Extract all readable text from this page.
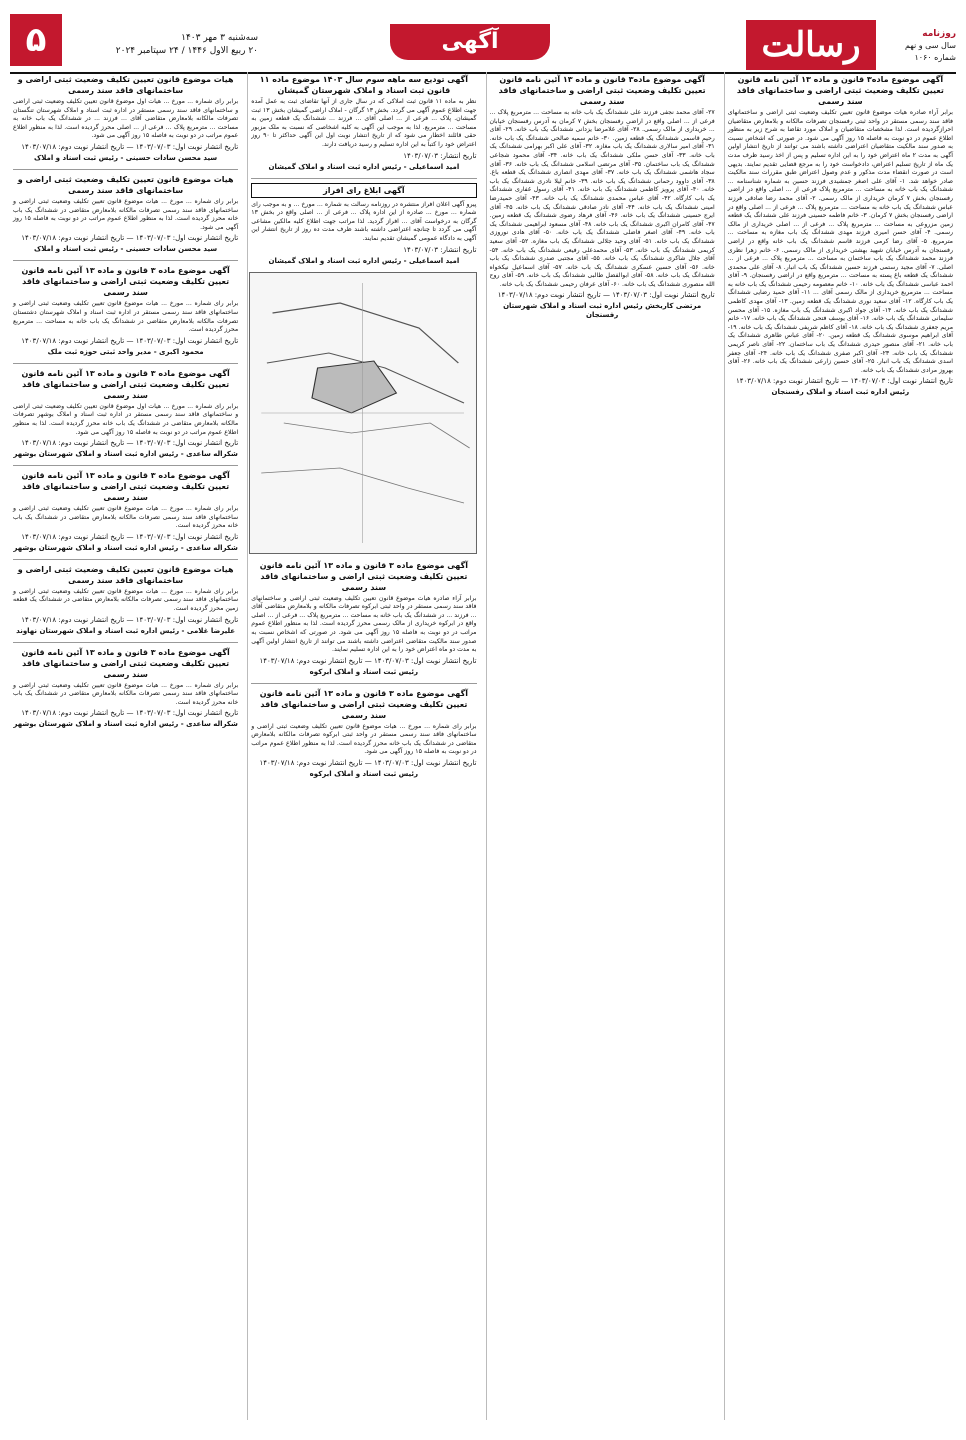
روزنامه
سال سی و نهم
شماره ۱۰۶۰
رسالت
آگهی
سه‌شنبه ۳ مهر ۱۴۰۳
۲۰ ربیع الاول ۱۴۴۶ / ۲۴ سپتامبر ۲۰۲۴
۵
آگهی موضوع ماده۳ قانون و ماده ۱۳ آئین نامه قانون تعیین تکلیف وضعیت ثبتی اراضی و ساختمانهای فاقد سند رسمی

برابر آراء صادره هیات موضوع قانون تعیین تکلیف وضعیت ثبتی اراضی و ساختمانهای فاقد سند رسمی مستقر در واحد ثبتی رفسنجان تصرفات مالکانه و بلامعارض متقاضیان احرازگردیده است. لذا مشخصات متقاضیان و املاک مورد تقاضا به شرح زیر به منظور اطلاع عموم در دو نوبت به فاصله ۱۵ روز آگهی می شود. در صورتی که اشخاص نسبت به صدور سند مالکیت متقاضیان اعتراضی داشته باشند می توانند از تاریخ انتشار اولین آگهی به مدت ۲ ماه اعتراض خود را به این اداره تسلیم و پس از اخذ رسید ظرف مدت یک ماه از تاریخ تسلیم اعتراض، دادخواست خود را به مرجع قضایی تقدیم نمایند. بدیهی است در صورت انقضاء مدت مذکور و عدم وصول اعتراض طبق مقررات سند مالکیت صادر خواهد شد. ۱- آقای علی اصغر جمشیدی فرزند حسین به شماره شناسنامه ... ششدانگ یک باب خانه به مساحت ... مترمربع پلاک فرعی از ... اصلی واقع در اراضی رفسنجان بخش ۷ کرمان خریداری از مالک رسمی. ۲- آقای محمد رضا صادقی فرزند عباس ششدانگ یک باب خانه به مساحت ... مترمربع پلاک ... فرعی از ... اصلی واقع در اراضی رفسنجان بخش ۷ کرمان. ۳- خانم فاطمه حسینی فرزند علی ششدانگ یک قطعه زمین مزروعی به مساحت ... مترمربع پلاک ... فرعی از ... اصلی خریداری از مالک رسمی. ۴- آقای حسن امیری فرزند مهدی ششدانگ یک باب مغازه به مساحت ... مترمربع. ۵- آقای رضا کرمی فرزند قاسم ششدانگ یک باب خانه واقع در اراضی رفسنجان به آدرس خیابان شهید بهشتی خریداری از مالک رسمی. ۶- خانم زهرا نظری فرزند محمد ششدانگ یک باب ساختمان به مساحت ... مترمربع پلاک ... فرعی از ... اصلی. ۷- آقای مجید رستمی فرزند حسین ششدانگ یک باب انبار. ۸- آقای علی محمدی ششدانگ یک قطعه باغ پسته به مساحت ... مترمربع واقع در اراضی رفسنجان. ۹- آقای احمد عباسی ششدانگ یک باب خانه. ۱۰- خانم معصومه رحیمی ششدانگ یک باب خانه به مساحت ... مترمربع خریداری از مالک رسمی آقای ... ۱۱- آقای حمید رضایی ششدانگ یک باب کارگاه. ۱۲- آقای سعید نوری ششدانگ یک قطعه زمین. ۱۳- آقای مهدی کاظمی ششدانگ یک باب خانه. ۱۴- آقای جواد اکبری ششدانگ یک باب مغازه. ۱۵- آقای محسن سلیمانی ششدانگ یک باب خانه. ۱۶- آقای یوسف فتحی ششدانگ یک باب خانه. ۱۷- خانم مریم جعفری ششدانگ یک باب خانه. ۱۸- آقای کاظم شریفی ششدانگ یک باب خانه. ۱۹- آقای ابراهیم موسوی ششدانگ یک قطعه زمین. ۲۰- آقای عباس طاهری ششدانگ یک باب خانه. ۲۱- آقای منصور حیدری ششدانگ یک باب ساختمان. ۲۲- آقای ناصر کریمی ششدانگ یک باب خانه. ۲۳- آقای اکبر صفری ششدانگ یک باب خانه. ۲۴- آقای جعفر اسدی ششدانگ یک باب انبار. ۲۵- آقای حسین زارعی ششدانگ یک باب خانه. ۲۶- آقای بهروز مرادی ششدانگ یک باب خانه.

تاریخ انتشار نوبت اول: ۱۴۰۳/۰۷/۰۳ — تاریخ انتشار نوبت دوم: ۱۴۰۳/۰۷/۱۸
رئیس اداره ثبت اسناد و املاک رفسنجان
آگهی موضوع ماده۳ قانون و ماده ۱۳ آئین نامه قانون تعیین تکلیف وضعیت ثبتی اراضی و ساختمانهای فاقد سند رسمی

۲۷- آقای محمد نجفی فرزند علی ششدانگ یک باب خانه به مساحت ... مترمربع پلاک ... فرعی از ... اصلی واقع در اراضی رفسنجان بخش ۷ کرمان به آدرس رفسنجان خیابان ... خریداری از مالک رسمی. ۲۸- آقای غلامرضا یزدانی ششدانگ یک باب خانه. ۲۹- آقای رحیم قاسمی ششدانگ یک قطعه زمین. ۳۰- خانم سمیه صالحی ششدانگ یک باب خانه. ۳۱- آقای امیر سالاری ششدانگ یک باب مغازه. ۳۲- آقای علی اکبر بهرامی ششدانگ یک باب خانه. ۳۳- آقای حسن ملکی ششدانگ یک باب خانه. ۳۴- آقای محمود شجاعی ششدانگ یک باب ساختمان. ۳۵- آقای مرتضی اسلامی ششدانگ یک باب خانه. ۳۶- آقای سجاد هاشمی ششدانگ یک باب خانه. ۳۷- آقای مهدی انصاری ششدانگ یک قطعه باغ. ۳۸- آقای داوود رحمانی ششدانگ یک باب خانه. ۳۹- خانم لیلا نادری ششدانگ یک باب خانه. ۴۰- آقای پرویز کاظمی ششدانگ یک باب خانه. ۴۱- آقای رسول غفاری ششدانگ یک باب کارگاه. ۴۲- آقای عباس محمدی ششدانگ یک باب خانه. ۴۳- آقای حمیدرضا امینی ششدانگ یک باب خانه. ۴۴- آقای نادر صادقی ششدانگ یک باب خانه. ۴۵- آقای ایرج حسینی ششدانگ یک باب خانه. ۴۶- آقای فرهاد رضوی ششدانگ یک قطعه زمین. ۴۷- آقای کامران اکبری ششدانگ یک باب خانه. ۴۸- آقای مسعود ابراهیمی ششدانگ یک باب خانه. ۴۹- آقای اصغر فاضلی ششدانگ یک باب خانه. ۵۰- آقای هادی نوروزی ششدانگ یک باب خانه. ۵۱- آقای وحید جلالی ششدانگ یک باب مغازه. ۵۲- آقای سعید کریمی ششدانگ یک باب خانه. ۵۳- آقای محمدعلی رفیعی ششدانگ یک باب خانه. ۵۴- آقای جلال شاکری ششدانگ یک باب خانه. ۵۵- آقای مجتبی صدری ششدانگ یک باب خانه. ۵۶- آقای حسین عسکری ششدانگ یک باب خانه. ۵۷- آقای اسماعیل نیکخواه ششدانگ یک باب خانه. ۵۸- آقای ابوالفضل طالبی ششدانگ یک باب خانه. ۵۹- آقای روح الله منصوری ششدانگ یک باب خانه. ۶۰- آقای عرفان رحیمی ششدانگ یک باب خانه.

تاریخ انتشار نوبت اول: ۱۴۰۳/۰۷/۰۳ — تاریخ انتشار نوبت دوم: ۱۴۰۳/۰۷/۱۸
مرتضی کاربخش رئیس اداره ثبت اسناد و املاک شهرستان رفسنجان
آگهی تودیع سه ماهه سوم سال ۱۴۰۳ موضوع ماده ۱۱ قانون ثبت اسناد و املاک شهرستان گمیشان

نظر به ماده ۱۱ قانون ثبت املاکی که در سال جاری از آنها تقاضای ثبت به عمل آمده جهت اطلاع عموم آگهی می گردد. بخش ۱۳ گرگان - املاک اراضی گمیشان بخش ۱۳ ثبت گمیشان. پلاک ... فرعی از ... اصلی آقای ... فرزند ... ششدانگ یک قطعه زمین به مساحت ... مترمربع. لذا به موجب این آگهی به کلیه اشخاصی که نسبت به ملک مزبور حقی قائلند اخطار می شود که از تاریخ انتشار نوبت اول این آگهی حداکثر تا ۹۰ روز اعتراض خود را کتباً به این اداره تسلیم و رسید دریافت دارند.

تاریخ انتشار: ۱۴۰۳/۰۷/۰۳
امید اسماعیلی - رئیس اداره ثبت اسناد و املاک گمیشان
آگهی ابلاغ رای افراز

پیرو آگهی اعلان افراز منتشره در روزنامه رسالت به شماره ... مورخ ... و به موجب رای شماره ... مورخ ... صادره از این اداره پلاک ... فرعی از ... اصلی واقع در بخش ۱۳ گرگان به درخواست آقای ... افراز گردید. لذا مراتب جهت اطلاع کلیه مالکین مشاعی آگهی می گردد تا چنانچه اعتراضی داشته باشند ظرف مدت ده روز از تاریخ انتشار این آگهی به دادگاه عمومی گمیشان تقدیم نمایند.

تاریخ انتشار: ۱۴۰۳/۰۷/۰۳
امید اسماعیلی - رئیس اداره ثبت اسناد و املاک گمیشان
آگهی موضوع ماده ۳ قانون و ماده ۱۳ آئین نامه قانون تعیین تکلیف وضعیت ثبتی اراضی و ساختمانهای فاقد سند رسمی

برابر آراء صادره هیات موضوع قانون تعیین تکلیف وضعیت ثبتی اراضی و ساختمانهای فاقد سند رسمی مستقر در واحد ثبتی ابرکوه تصرفات مالکانه و بلامعارض متقاضی آقای ... فرزند ... در ششدانگ یک باب خانه به مساحت ... مترمربع پلاک ... فرعی از ... اصلی واقع در ابرکوه خریداری از مالک رسمی محرز گردیده است. لذا به منظور اطلاع عموم مراتب در دو نوبت به فاصله ۱۵ روز آگهی می شود. در صورتی که اشخاص نسبت به صدور سند مالکیت متقاضی اعتراضی داشته باشند می توانند از تاریخ انتشار اولین آگهی به مدت دو ماه اعتراض خود را به این اداره تسلیم نمایند.

تاریخ انتشار نوبت اول: ۱۴۰۳/۰۷/۰۳ — تاریخ انتشار نوبت دوم: ۱۴۰۳/۰۷/۱۸
رئیس ثبت اسناد و املاک ابرکوه
آگهی موضوع ماده ۳ قانون و ماده ۱۳ آئین نامه قانون تعیین تکلیف وضعیت ثبتی اراضی و ساختمانهای فاقد سند رسمی

برابر رای شماره ... مورخ ... هیات موضوع قانون تعیین تکلیف وضعیت ثبتی اراضی و ساختمانهای فاقد سند رسمی مستقر در واحد ثبتی ابرکوه تصرفات مالکانه بلامعارض متقاضی در ششدانگ یک باب خانه محرز گردیده است. لذا به منظور اطلاع عموم مراتب در دو نوبت به فاصله ۱۵ روز آگهی می شود.

تاریخ انتشار نوبت اول: ۱۴۰۳/۰۷/۰۳ — تاریخ انتشار نوبت دوم: ۱۴۰۳/۰۷/۱۸
رئیس ثبت اسناد و املاک ابرکوه
هیات موضوع قانون تعیین تکلیف وضعیت ثبتی اراضی و ساختمانهای فاقد سند رسمی

برابر رای شماره ... مورخ ... هیات اول موضوع قانون تعیین تکلیف وضعیت ثبتی اراضی و ساختمانهای فاقد سند رسمی مستقر در اداره ثبت اسناد و املاک شهرستان تنگستان تصرفات مالکانه بلامعارض متقاضی آقای ... فرزند ... در ششدانگ یک باب خانه به مساحت ... مترمربع پلاک ... فرعی از ... اصلی محرز گردیده است. لذا به منظور اطلاع عموم مراتب در دو نوبت به فاصله ۱۵ روز آگهی می شود.

تاریخ انتشار نوبت اول: ۱۴۰۳/۰۷/۰۳ — تاریخ انتشار نوبت دوم: ۱۴۰۳/۰۷/۱۸
سید محسن سادات حسینی - رئیس ثبت اسناد و املاک
هیات موضوع قانون تعیین تکلیف وضعیت ثبتی اراضی و ساختمانهای فاقد سند رسمی

برابر رای شماره ... مورخ ... هیات موضوع قانون تعیین تکلیف وضعیت ثبتی اراضی و ساختمانهای فاقد سند رسمی تصرفات مالکانه بلامعارض متقاضی در ششدانگ یک باب خانه محرز گردیده است. لذا به منظور اطلاع عموم مراتب در دو نوبت به فاصله ۱۵ روز آگهی می شود.

تاریخ انتشار نوبت اول: ۱۴۰۳/۰۷/۰۳ — تاریخ انتشار نوبت دوم: ۱۴۰۳/۰۷/۱۸
سید محسن سادات حسینی - رئیس ثبت اسناد و املاک
آگهی موضوع ماده ۳ قانون و ماده ۱۳ آئین نامه قانون تعیین تکلیف وضعیت ثبتی اراضی و ساختمانهای فاقد سند رسمی

برابر رای شماره ... مورخ ... هیات موضوع قانون تعیین تکلیف وضعیت ثبتی اراضی و ساختمانهای فاقد سند رسمی مستقر در اداره ثبت اسناد و املاک شهرستان دشتستان تصرفات مالکانه بلامعارض متقاضی در ششدانگ یک باب خانه به مساحت ... مترمربع محرز گردیده است.

تاریخ انتشار نوبت اول: ۱۴۰۳/۰۷/۰۳ — تاریخ انتشار نوبت دوم: ۱۴۰۳/۰۷/۱۸
محمود اکبری - مدیر واحد ثبتی حوزه ثبت ملک
آگهی موضوع ماده ۳ قانون و ماده ۱۳ آئین نامه قانون تعیین تکلیف وضعیت ثبتی اراضی و ساختمانهای فاقد سند رسمی

برابر رای شماره ... مورخ ... هیات اول موضوع قانون تعیین تکلیف وضعیت ثبتی اراضی و ساختمانهای فاقد سند رسمی مستقر در اداره ثبت اسناد و املاک بوشهر تصرفات مالکانه بلامعارض متقاضی در ششدانگ یک باب خانه محرز گردیده است. لذا به منظور اطلاع عموم مراتب در دو نوبت به فاصله ۱۵ روز آگهی می شود.

تاریخ انتشار نوبت اول: ۱۴۰۳/۰۷/۰۳ — تاریخ انتشار نوبت دوم: ۱۴۰۳/۰۷/۱۸
شکراله ساعدی - رئیس اداره ثبت اسناد و املاک شهرستان بوشهر
آگهی موضوع ماده ۳ قانون و ماده ۱۳ آئین نامه قانون تعیین تکلیف وضعیت ثبتی اراضی و ساختمانهای فاقد سند رسمی

برابر رای شماره ... مورخ ... هیات موضوع قانون تعیین تکلیف وضعیت ثبتی اراضی و ساختمانهای فاقد سند رسمی تصرفات مالکانه بلامعارض متقاضی در ششدانگ یک باب خانه محرز گردیده است.

تاریخ انتشار نوبت اول: ۱۴۰۳/۰۷/۰۳ — تاریخ انتشار نوبت دوم: ۱۴۰۳/۰۷/۱۸
شکراله ساعدی - رئیس اداره ثبت اسناد و املاک شهرستان بوشهر
هیات موضوع قانون تعیین تکلیف وضعیت ثبتی اراضی و ساختمانهای فاقد سند رسمی

برابر رای شماره ... مورخ ... هیات موضوع قانون تعیین تکلیف وضعیت ثبتی اراضی و ساختمانهای فاقد سند رسمی تصرفات مالکانه بلامعارض متقاضی در ششدانگ یک قطعه زمین محرز گردیده است.

تاریخ انتشار نوبت اول: ۱۴۰۳/۰۷/۰۳ — تاریخ انتشار نوبت دوم: ۱۴۰۳/۰۷/۱۸
علیرضا غلامی - رئیس اداره ثبت اسناد و املاک شهرستان نهاوند
آگهی موضوع ماده ۳ قانون و ماده ۱۳ آئین نامه قانون تعیین تکلیف وضعیت ثبتی اراضی و ساختمانهای فاقد سند رسمی

برابر رای شماره ... مورخ ... هیات موضوع قانون تعیین تکلیف وضعیت ثبتی اراضی و ساختمانهای فاقد سند رسمی تصرفات مالکانه بلامعارض متقاضی در ششدانگ یک باب خانه محرز گردیده است.

تاریخ انتشار نوبت اول: ۱۴۰۳/۰۷/۰۳ — تاریخ انتشار نوبت دوم: ۱۴۰۳/۰۷/۱۸
شکراله ساعدی - رئیس اداره ثبت اسناد و املاک شهرستان بوشهر
